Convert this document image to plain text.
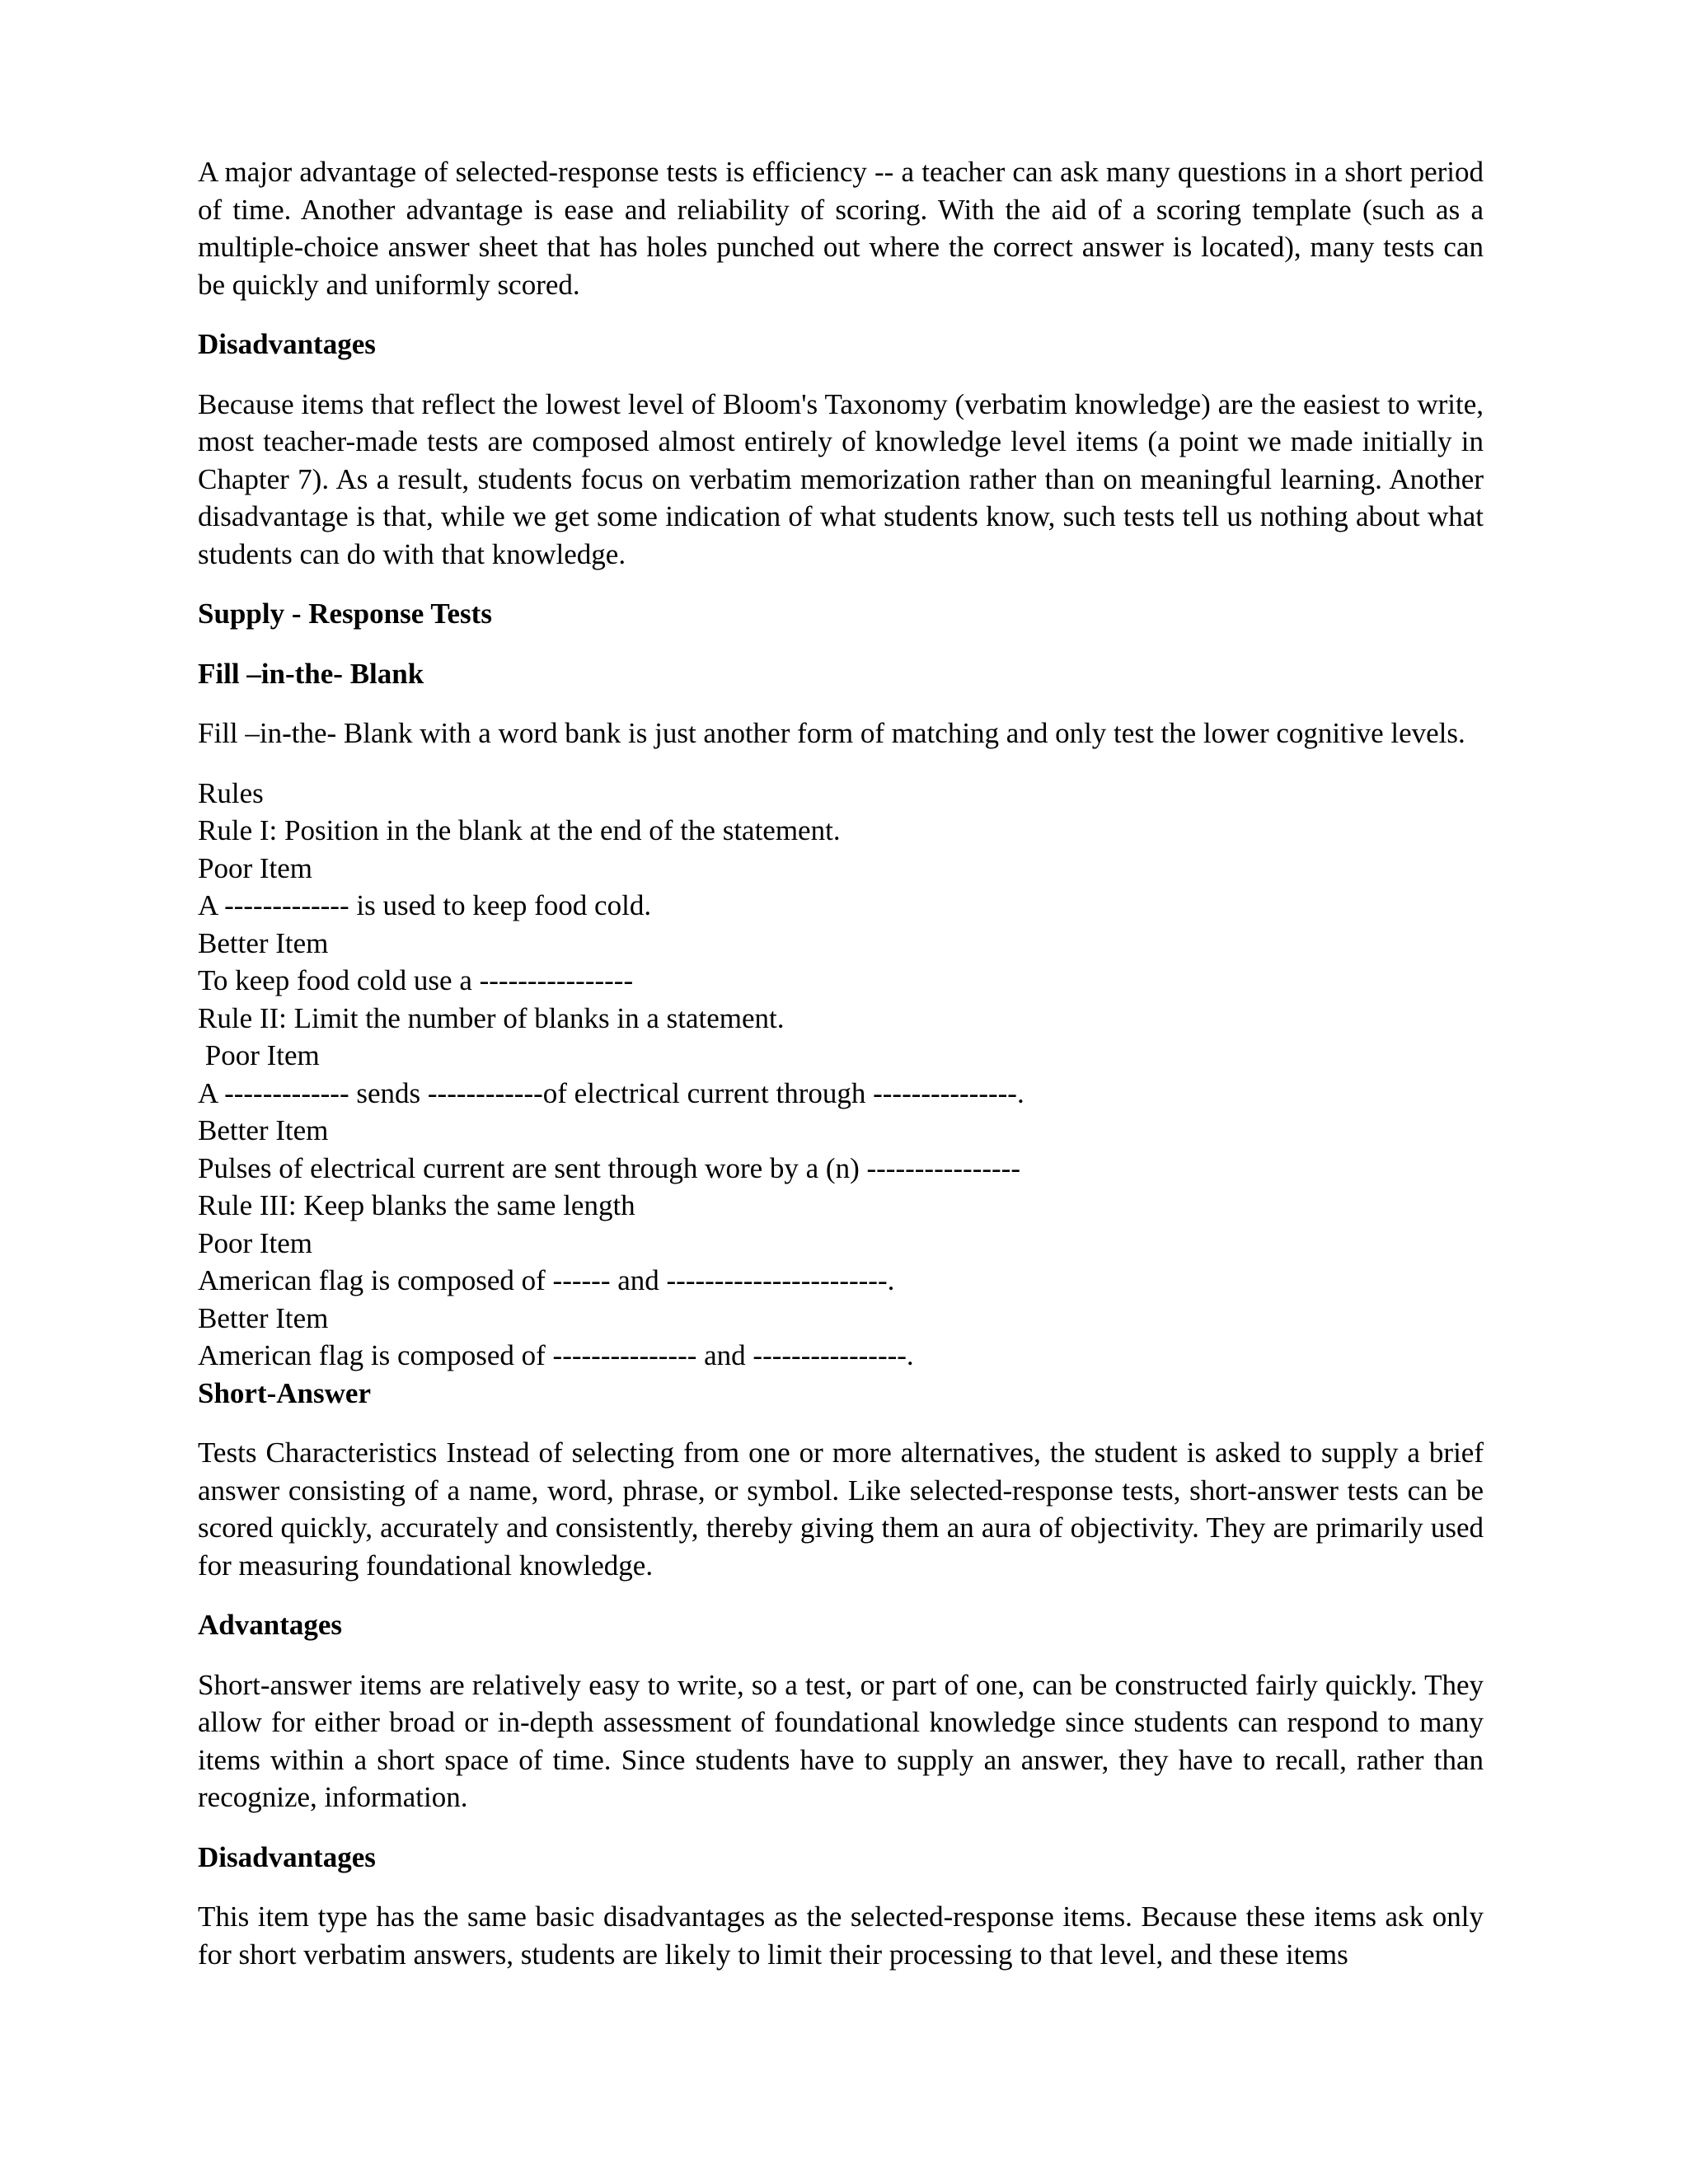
A major advantage of selected-response tests is efficiency -- a teacher can ask many questions in a short period of time. Another advantage is ease and reliability of scoring. With the aid of a scoring template (such as a multiple-choice answer sheet that has holes punched out where the correct answer is located), many tests can be quickly and uniformly scored.

Disadvantages

Because items that reflect the lowest level of Bloom's Taxonomy (verbatim knowledge) are the easiest to write, most teacher-made tests are composed almost entirely of knowledge level items (a point we made initially in Chapter 7). As a result, students focus on verbatim memorization rather than on meaningful learning. Another disadvantage is that, while we get some indication of what students know, such tests tell us nothing about what students can do with that knowledge.

Supply - Response Tests

Fill –in-the- Blank

Fill –in-the- Blank with a word bank is just another form of matching and only test the lower cognitive levels.

Rules

Rule I: Position in the blank at the end of the statement.

Poor Item

A ------------- is used to keep food cold.

Better Item

To keep food cold use a ----------------

Rule II: Limit the number of blanks in a statement.

Poor Item

A ------------- sends ------------of electrical current through ---------------.

Better Item

Pulses of electrical current are sent through wore by a (n) ----------------

Rule III: Keep blanks the same length

Poor Item

American flag is composed of ------ and -----------------------.

Better Item

American flag is composed of --------------- and ----------------.

Short-Answer

Tests Characteristics Instead of selecting from one or more alternatives, the student is asked to supply a brief answer consisting of a name, word, phrase, or symbol. Like selected-response tests, short-answer tests can be scored quickly, accurately and consistently, thereby giving them an aura of objectivity. They are primarily used for measuring foundational knowledge.

Advantages

Short-answer items are relatively easy to write, so a test, or part of one, can be constructed fairly quickly. They allow for either broad or in-depth assessment of foundational knowledge since students can respond to many items within a short space of time. Since students have to supply an answer, they have to recall, rather than recognize, information.

Disadvantages

This item type has the same basic disadvantages as the selected-response items. Because these items ask only for short verbatim answers, students are likely to limit their processing to that level, and these items
